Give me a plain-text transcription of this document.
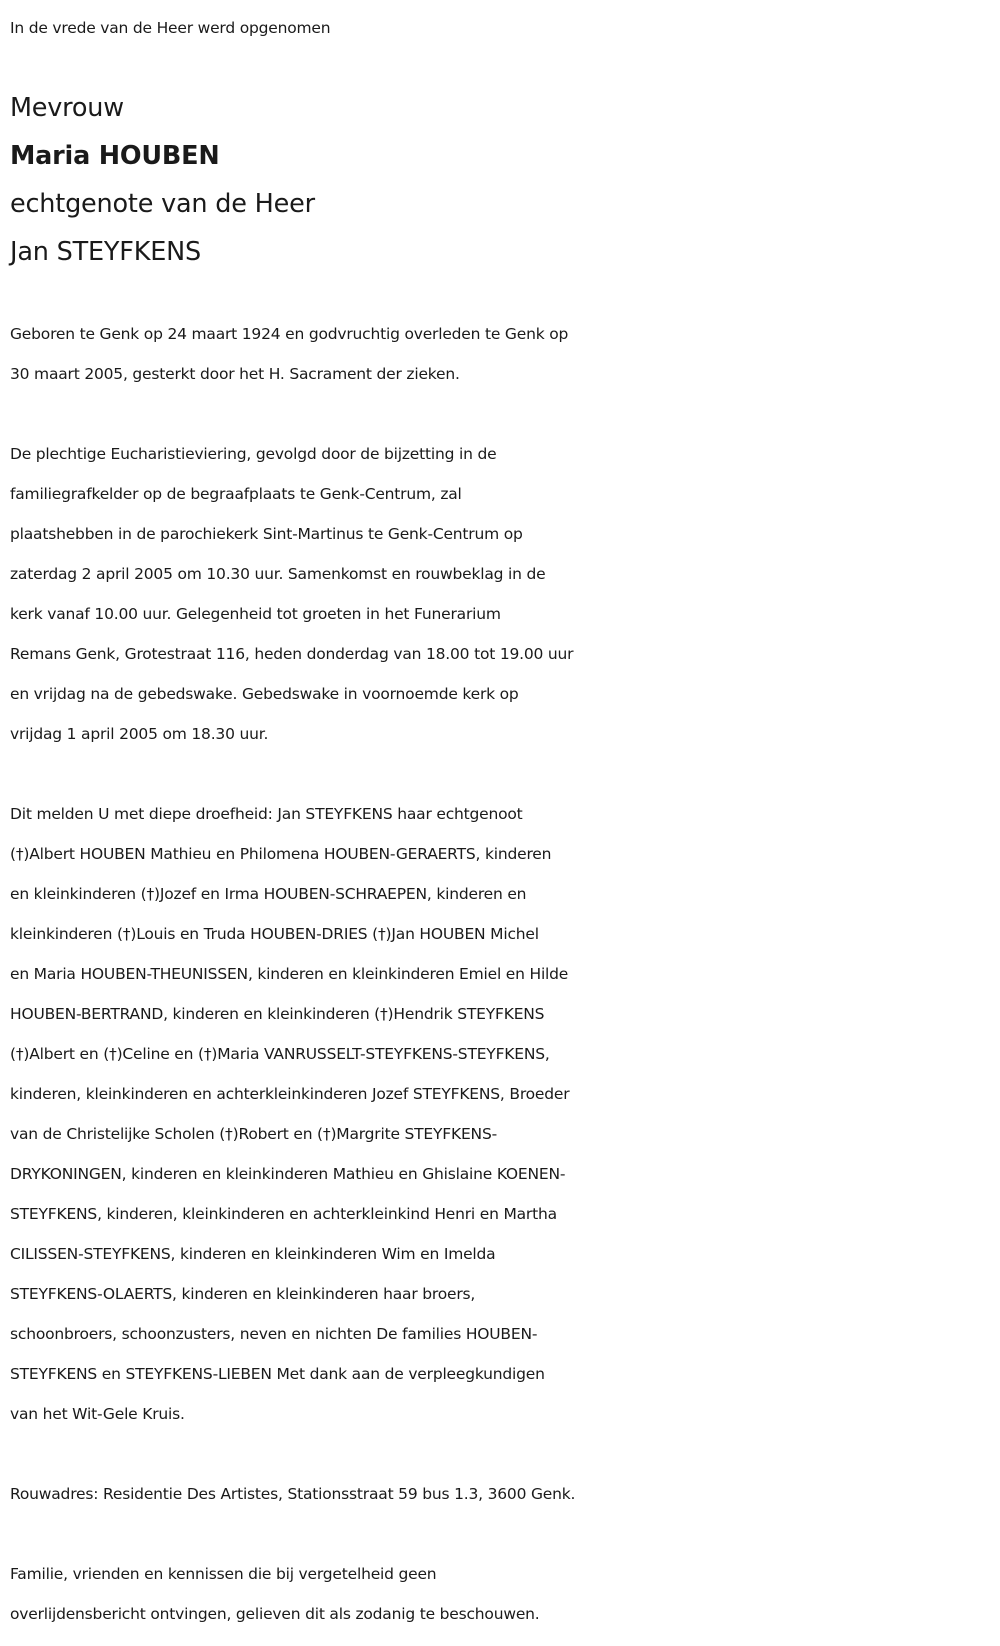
In de vrede van de Heer werd opgenomen

Mevrouw

Maria HOUBEN

echtgenote van de Heer

Jan STEYFKENS

Geboren te Genk op 24 maart 1924 en godvruchtig overleden te Genk op

30 maart 2005, gesterkt door het H. Sacrament der zieken.

De plechtige Eucharistieviering, gevolgd door de bijzetting in de

familiegrafkelder op de begraafplaats te Genk-Centrum, zal

plaatshebben in de parochiekerk Sint-Martinus te Genk-Centrum op

zaterdag 2 april 2005 om 10.30 uur. Samenkomst en rouwbeklag in de

kerk vanaf 10.00 uur. Gelegenheid tot groeten in het Funerarium

Remans Genk, Grotestraat 116, heden donderdag van 18.00 tot 19.00 uur

en vrijdag na de gebedswake. Gebedswake in voornoemde kerk op

vrijdag 1 april 2005 om 18.30 uur.

Dit melden U met diepe droefheid: Jan STEYFKENS haar echtgenoot

(†)Albert HOUBEN Mathieu en Philomena HOUBEN-GERAERTS, kinderen

en kleinkinderen (†)Jozef en Irma HOUBEN-SCHRAEPEN, kinderen en

kleinkinderen (†)Louis en Truda HOUBEN-DRIES (†)Jan HOUBEN Michel

en Maria HOUBEN-THEUNISSEN, kinderen en kleinkinderen Emiel en Hilde

HOUBEN-BERTRAND, kinderen en kleinkinderen (†)Hendrik STEYFKENS

(†)Albert en (†)Celine en (†)Maria VANRUSSELT-STEYFKENS-STEYFKENS,

kinderen, kleinkinderen en achterkleinkinderen Jozef STEYFKENS, Broeder

van de Christelijke Scholen (†)Robert en (†)Margrite STEYFKENS-

DRYKONINGEN, kinderen en kleinkinderen Mathieu en Ghislaine KOENEN-

STEYFKENS, kinderen, kleinkinderen en achterkleinkind Henri en Martha

CILISSEN-STEYFKENS, kinderen en kleinkinderen Wim en Imelda

STEYFKENS-OLAERTS, kinderen en kleinkinderen haar broers,

schoonbroers, schoonzusters, neven en nichten De families HOUBEN-

STEYFKENS en STEYFKENS-LIEBEN Met dank aan de verpleegkundigen

van het Wit-Gele Kruis.

Rouwadres: Residentie Des Artistes, Stationsstraat 59 bus 1.3, 3600 Genk.

Familie, vrienden en kennissen die bij vergetelheid geen

overlijdensbericht ontvingen, gelieven dit als zodanig te beschouwen.
